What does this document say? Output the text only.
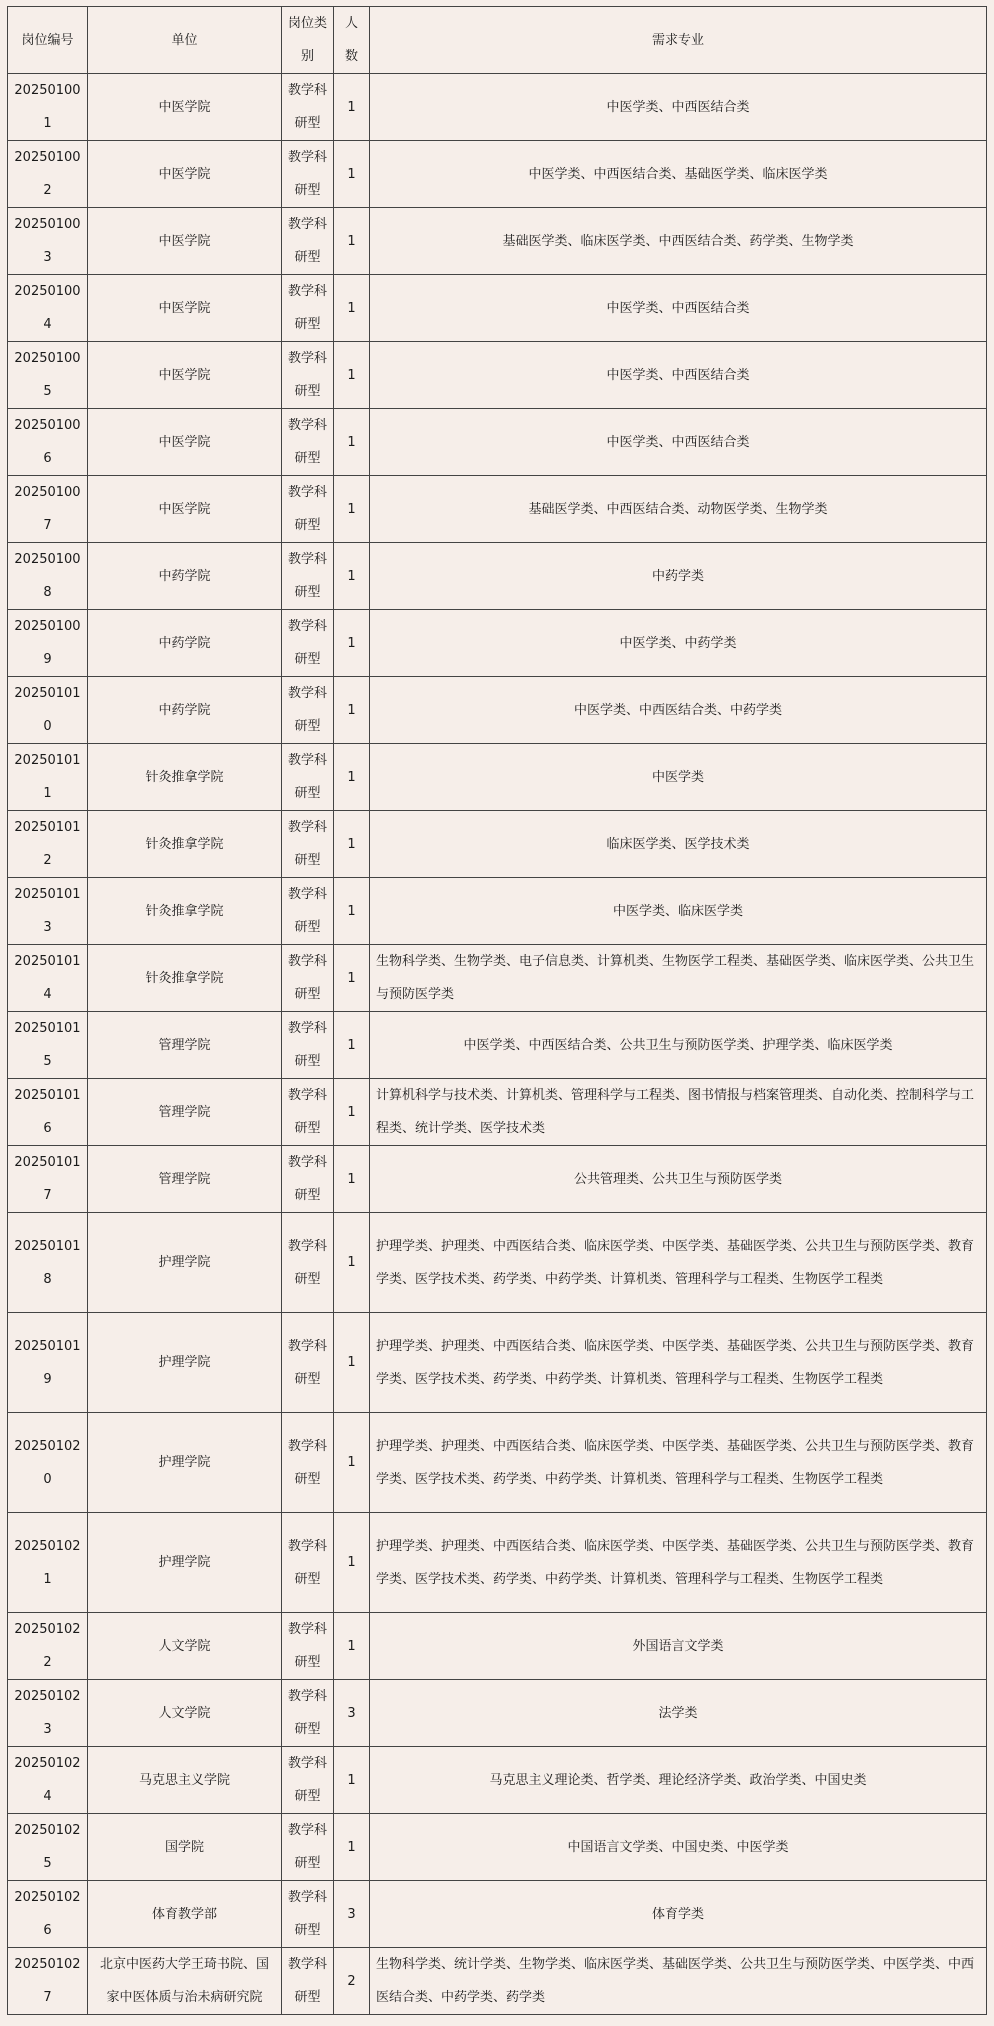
岗位编号	单位	岗位类别	人数	需求专业
202501001	中医学院	教学科研型	1	中医学类、中西医结合类
202501002	中医学院	教学科研型	1	中医学类、中西医结合类、基础医学类、临床医学类
202501003	中医学院	教学科研型	1	基础医学类、临床医学类、中西医结合类、药学类、生物学类
202501004	中医学院	教学科研型	1	中医学类、中西医结合类
202501005	中医学院	教学科研型	1	中医学类、中西医结合类
202501006	中医学院	教学科研型	1	中医学类、中西医结合类
202501007	中医学院	教学科研型	1	基础医学类、中西医结合类、动物医学类、生物学类
202501008	中药学院	教学科研型	1	中药学类
202501009	中药学院	教学科研型	1	中医学类、中药学类
202501010	中药学院	教学科研型	1	中医学类、中西医结合类、中药学类
202501011	针灸推拿学院	教学科研型	1	中医学类
202501012	针灸推拿学院	教学科研型	1	临床医学类、医学技术类
202501013	针灸推拿学院	教学科研型	1	中医学类、临床医学类
202501014	针灸推拿学院	教学科研型	1	生物科学类、生物学类、电子信息类、计算机类、生物医学工程类、基础医学类、临床医学类、公共卫生与预防医学类
202501015	管理学院	教学科研型	1	中医学类、中西医结合类、公共卫生与预防医学类、护理学类、临床医学类
202501016	管理学院	教学科研型	1	计算机科学与技术类、计算机类、管理科学与工程类、图书情报与档案管理类、自动化类、控制科学与工程类、统计学类、医学技术类
202501017	管理学院	教学科研型	1	公共管理类、公共卫生与预防医学类
202501018	护理学院	教学科研型	1	护理学类、护理类、中西医结合类、临床医学类、中医学类、基础医学类、公共卫生与预防医学类、教育学类、医学技术类、药学类、中药学类、计算机类、管理科学与工程类、生物医学工程类
202501019	护理学院	教学科研型	1	护理学类、护理类、中西医结合类、临床医学类、中医学类、基础医学类、公共卫生与预防医学类、教育学类、医学技术类、药学类、中药学类、计算机类、管理科学与工程类、生物医学工程类
202501020	护理学院	教学科研型	1	护理学类、护理类、中西医结合类、临床医学类、中医学类、基础医学类、公共卫生与预防医学类、教育学类、医学技术类、药学类、中药学类、计算机类、管理科学与工程类、生物医学工程类
202501021	护理学院	教学科研型	1	护理学类、护理类、中西医结合类、临床医学类、中医学类、基础医学类、公共卫生与预防医学类、教育学类、医学技术类、药学类、中药学类、计算机类、管理科学与工程类、生物医学工程类
202501022	人文学院	教学科研型	1	外国语言文学类
202501023	人文学院	教学科研型	3	法学类
202501024	马克思主义学院	教学科研型	1	马克思主义理论类、哲学类、理论经济学类、政治学类、中国史类
202501025	国学院	教学科研型	1	中国语言文学类、中国史类、中医学类
202501026	体育教学部	教学科研型	3	体育学类
202501027	北京中医药大学王琦书院、国家中医体质与治未病研究院	教学科研型	2	生物科学类、统计学类、生物学类、临床医学类、基础医学类、公共卫生与预防医学类、中医学类、中西医结合类、中药学类、药学类
